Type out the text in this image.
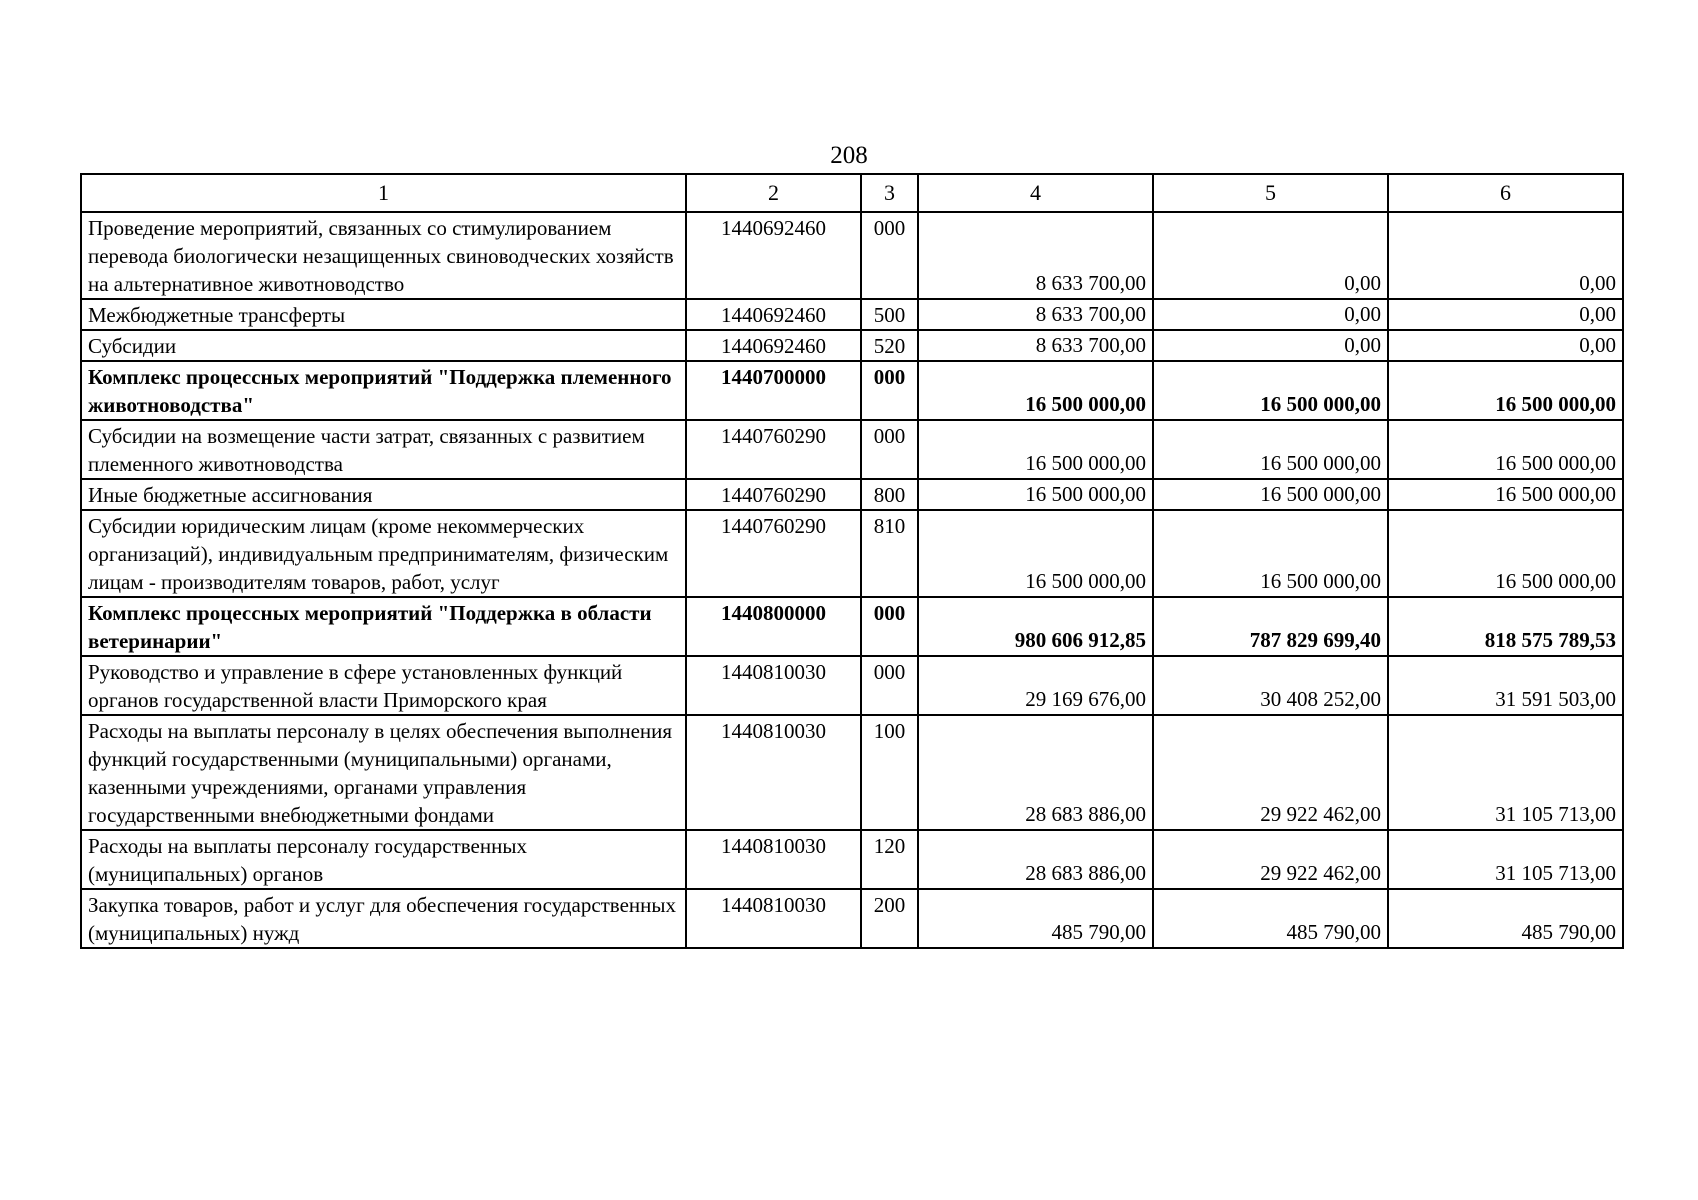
208
1	2	3	4	5	6
Проведение мероприятий, связанных со стимулированием перевода биологически незащищенных свиноводческих хозяйств на альтернативное животноводство	1440692460	000	8 633 700,00	0,00	0,00
Межбюджетные трансферты	1440692460	500	8 633 700,00	0,00	0,00
Субсидии	1440692460	520	8 633 700,00	0,00	0,00
Комплекс процессных мероприятий "Поддержка племенного животноводства"	1440700000	000	16 500 000,00	16 500 000,00	16 500 000,00
Субсидии на возмещение части затрат, связанных с развитием племенного животноводства	1440760290	000	16 500 000,00	16 500 000,00	16 500 000,00
Иные бюджетные ассигнования	1440760290	800	16 500 000,00	16 500 000,00	16 500 000,00
Субсидии юридическим лицам (кроме некоммерческих организаций), индивидуальным предпринимателям, физическим лицам - производителям товаров, работ, услуг	1440760290	810	16 500 000,00	16 500 000,00	16 500 000,00
Комплекс процессных мероприятий "Поддержка в области ветеринарии"	1440800000	000	980 606 912,85	787 829 699,40	818 575 789,53
Руководство и управление в сфере установленных функций органов государственной власти Приморского края	1440810030	000	29 169 676,00	30 408 252,00	31 591 503,00
Расходы на выплаты персоналу в целях обеспечения выполнения функций государственными (муниципальными) органами, казенными учреждениями, органами управления государственными внебюджетными фондами	1440810030	100	28 683 886,00	29 922 462,00	31 105 713,00
Расходы на выплаты персоналу государственных (муниципальных) органов	1440810030	120	28 683 886,00	29 922 462,00	31 105 713,00
Закупка товаров, работ и услуг для обеспечения государственных (муниципальных) нужд	1440810030	200	485 790,00	485 790,00	485 790,00
